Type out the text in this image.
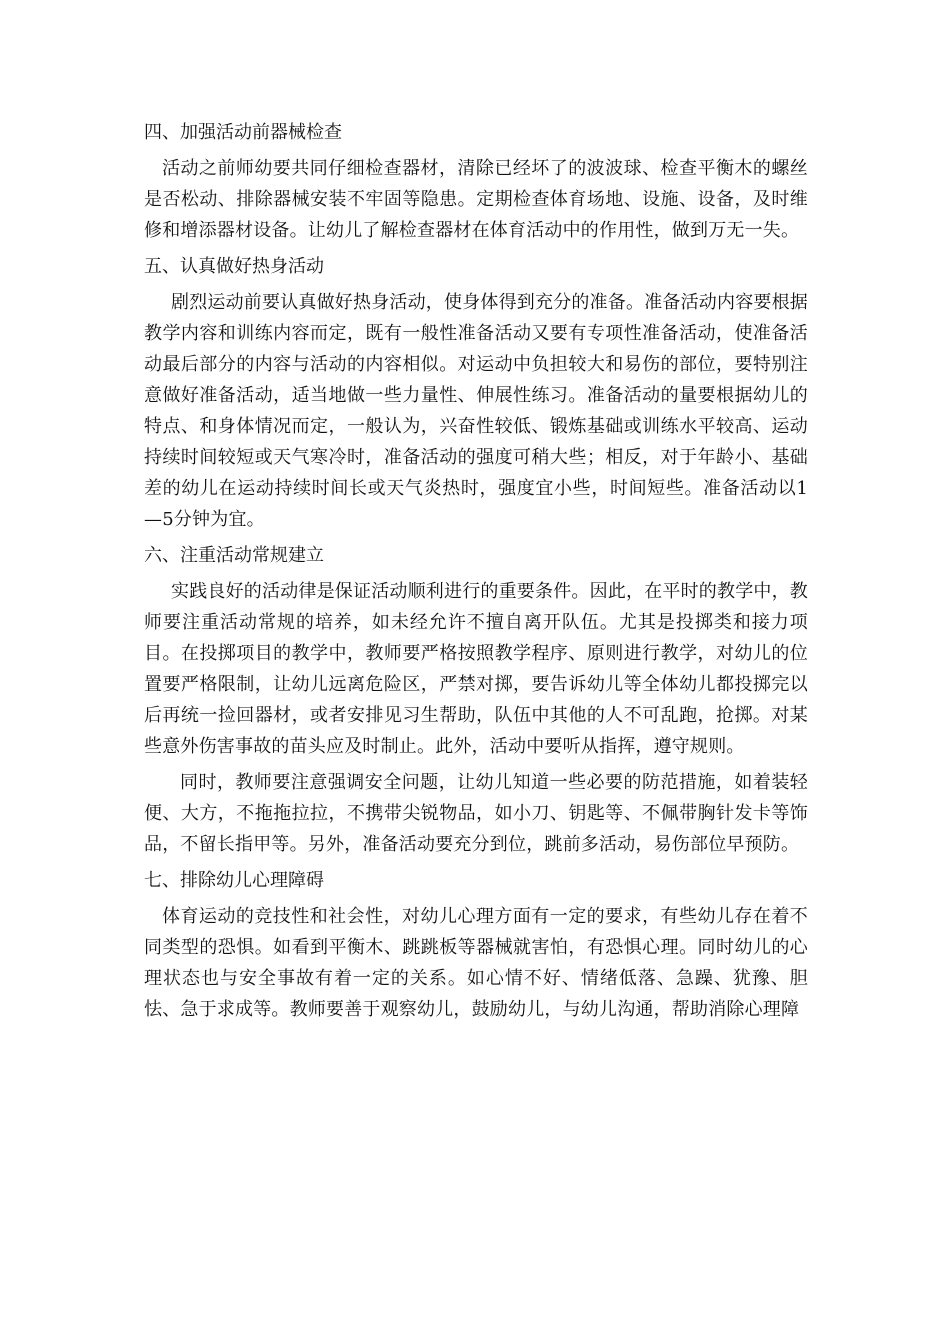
四、加强活动前器械检查

活动之前师幼要共同仔细检查器材，清除已经坏了的波波球、检查平衡木的螺丝是否松动、排除器械安装不牢固等隐患。定期检查体育场地、设施、设备，及时维修和增添器材设备。让幼儿了解检查器材在体育活动中的作用性，做到万无一失。

五、认真做好热身活动

剧烈运动前要认真做好热身活动，使身体得到充分的准备。准备活动内容要根据教学内容和训练内容而定，既有一般性准备活动又要有专项性准备活动，使准备活动最后部分的内容与活动的内容相似。对运动中负担较大和易伤的部位，要特别注意做好准备活动，适当地做一些力量性、伸展性练习。准备活动的量要根据幼儿的特点、和身体情况而定，一般认为，兴奋性较低、锻炼基础或训练水平较高、运动持续时间较短或天气寒冷时，准备活动的强度可稍大些；相反，对于年龄小、基础差的幼儿在运动持续时间长或天气炎热时，强度宜小些，时间短些。准备活动以1—5分钟为宜。

六、注重活动常规建立

实践良好的活动律是保证活动顺利进行的重要条件。因此，在平时的教学中，教师要注重活动常规的培养，如未经允许不擅自离开队伍。尤其是投掷类和接力项目。在投掷项目的教学中，教师要严格按照教学程序、原则进行教学，对幼儿的位置要严格限制，让幼儿远离危险区，严禁对掷，要告诉幼儿等全体幼儿都投掷完以后再统一捡回器材，或者安排见习生帮助，队伍中其他的人不可乱跑，抢掷。对某些意外伤害事故的苗头应及时制止。此外，活动中要听从指挥，遵守规则。

同时，教师要注意强调安全问题，让幼儿知道一些必要的防范措施，如着装轻便、大方，不拖拖拉拉，不携带尖锐物品，如小刀、钥匙等、不佩带胸针发卡等饰品，不留长指甲等。另外，准备活动要充分到位，跳前多活动，易伤部位早预防。

七、排除幼儿心理障碍

体育运动的竞技性和社会性，对幼儿心理方面有一定的要求，有些幼儿存在着不同类型的恐惧。如看到平衡木、跳跳板等器械就害怕，有恐惧心理。同时幼儿的心理状态也与安全事故有着一定的关系。如心情不好、情绪低落、急躁、犹豫、胆怯、急于求成等。教师要善于观察幼儿，鼓励幼儿，与幼儿沟通，帮助消除心理障
